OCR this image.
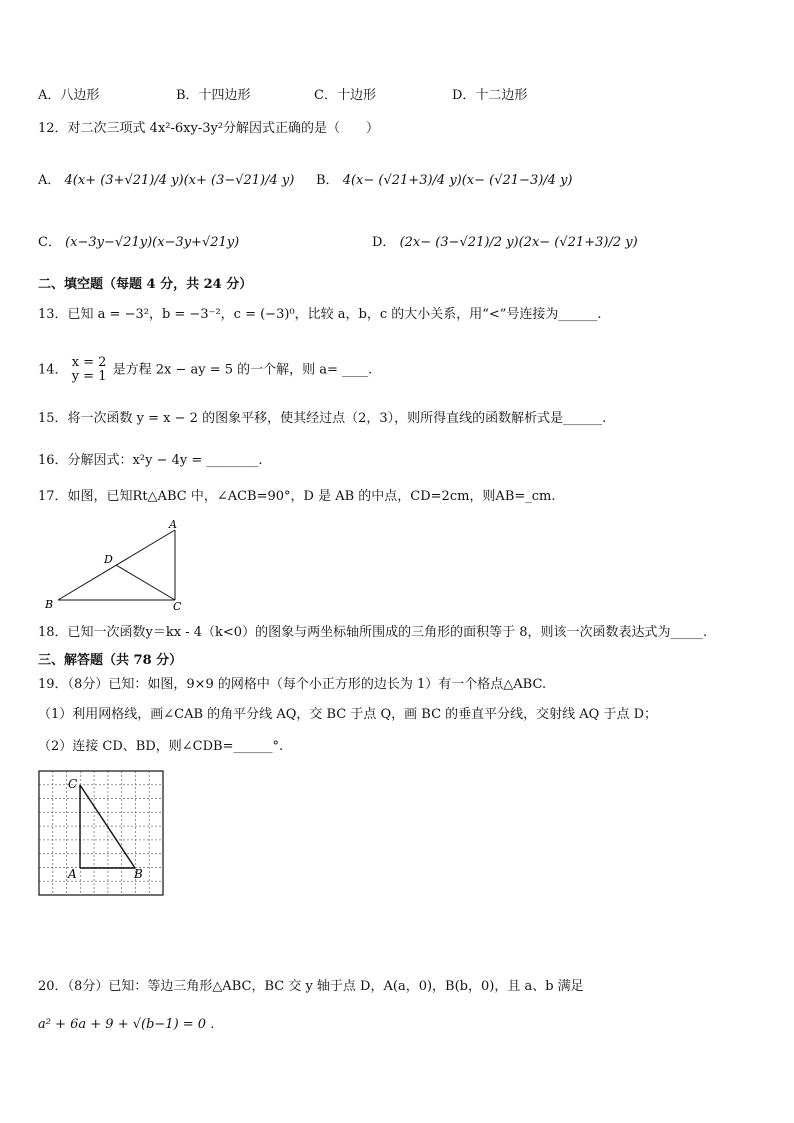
A．八边形	B．十四边形	C．十边形	D．十二边形
12．对二次三项式 4x²-6xy-3y²分解因式正确的是（　　）
A． 4(x+ (3+√21)/4 y)(x+ (3−√21)/4 y) B． 4(x− (√21+3)/4 y)(x− (√21−3)/4 y)
C． (x−3y−√21y)(x−3y+√21y)	D． (2x− (3−√21)/2 y)(2x− (√21+3)/2 y)
二、填空题（每题 4 分，共 24 分）
13．已知 a = −3²，b = −3⁻²，c = (−3)⁰，比较 a，b，c 的大小关系，用“<”号连接为______.
14． x = 2
y = 1 是方程 2x − ay = 5 的一个解，则 a= ____.
15．将一次函数 y = x − 2 的图象平移，使其经过点（2，3），则所得直线的函数解析式是______.
16．分解因式：x²y − 4y = ________.
17．如图，已知Rt△ABC 中，∠ACB=90°，D 是 AB 的中点，CD=2cm，则AB=_cm.
A
B	C
D
18．已知一次函数y＝kx - 4（k<0）的图象与两坐标轴所围成的三角形的面积等于 8，则该一次函数表达式为_____.
三、解答题（共 78 分）
19．（8分）已知：如图，9×9 的网格中（每个小正方形的边长为 1）有一个格点△ABC.
（1）利用网格线，画∠CAB 的角平分线 AQ，交 BC 于点 Q，画 BC 的垂直平分线，交射线 AQ 于点 D；
（2）连接 CD、BD，则∠CDB=______°.
C
A	B
20．（8分）已知：等边三角形△ABC，BC 交 y 轴于点 D，A(a，0)，B(b，0)，且 a、b 满足
a² + 6a + 9 + √(b−1) = 0 .
